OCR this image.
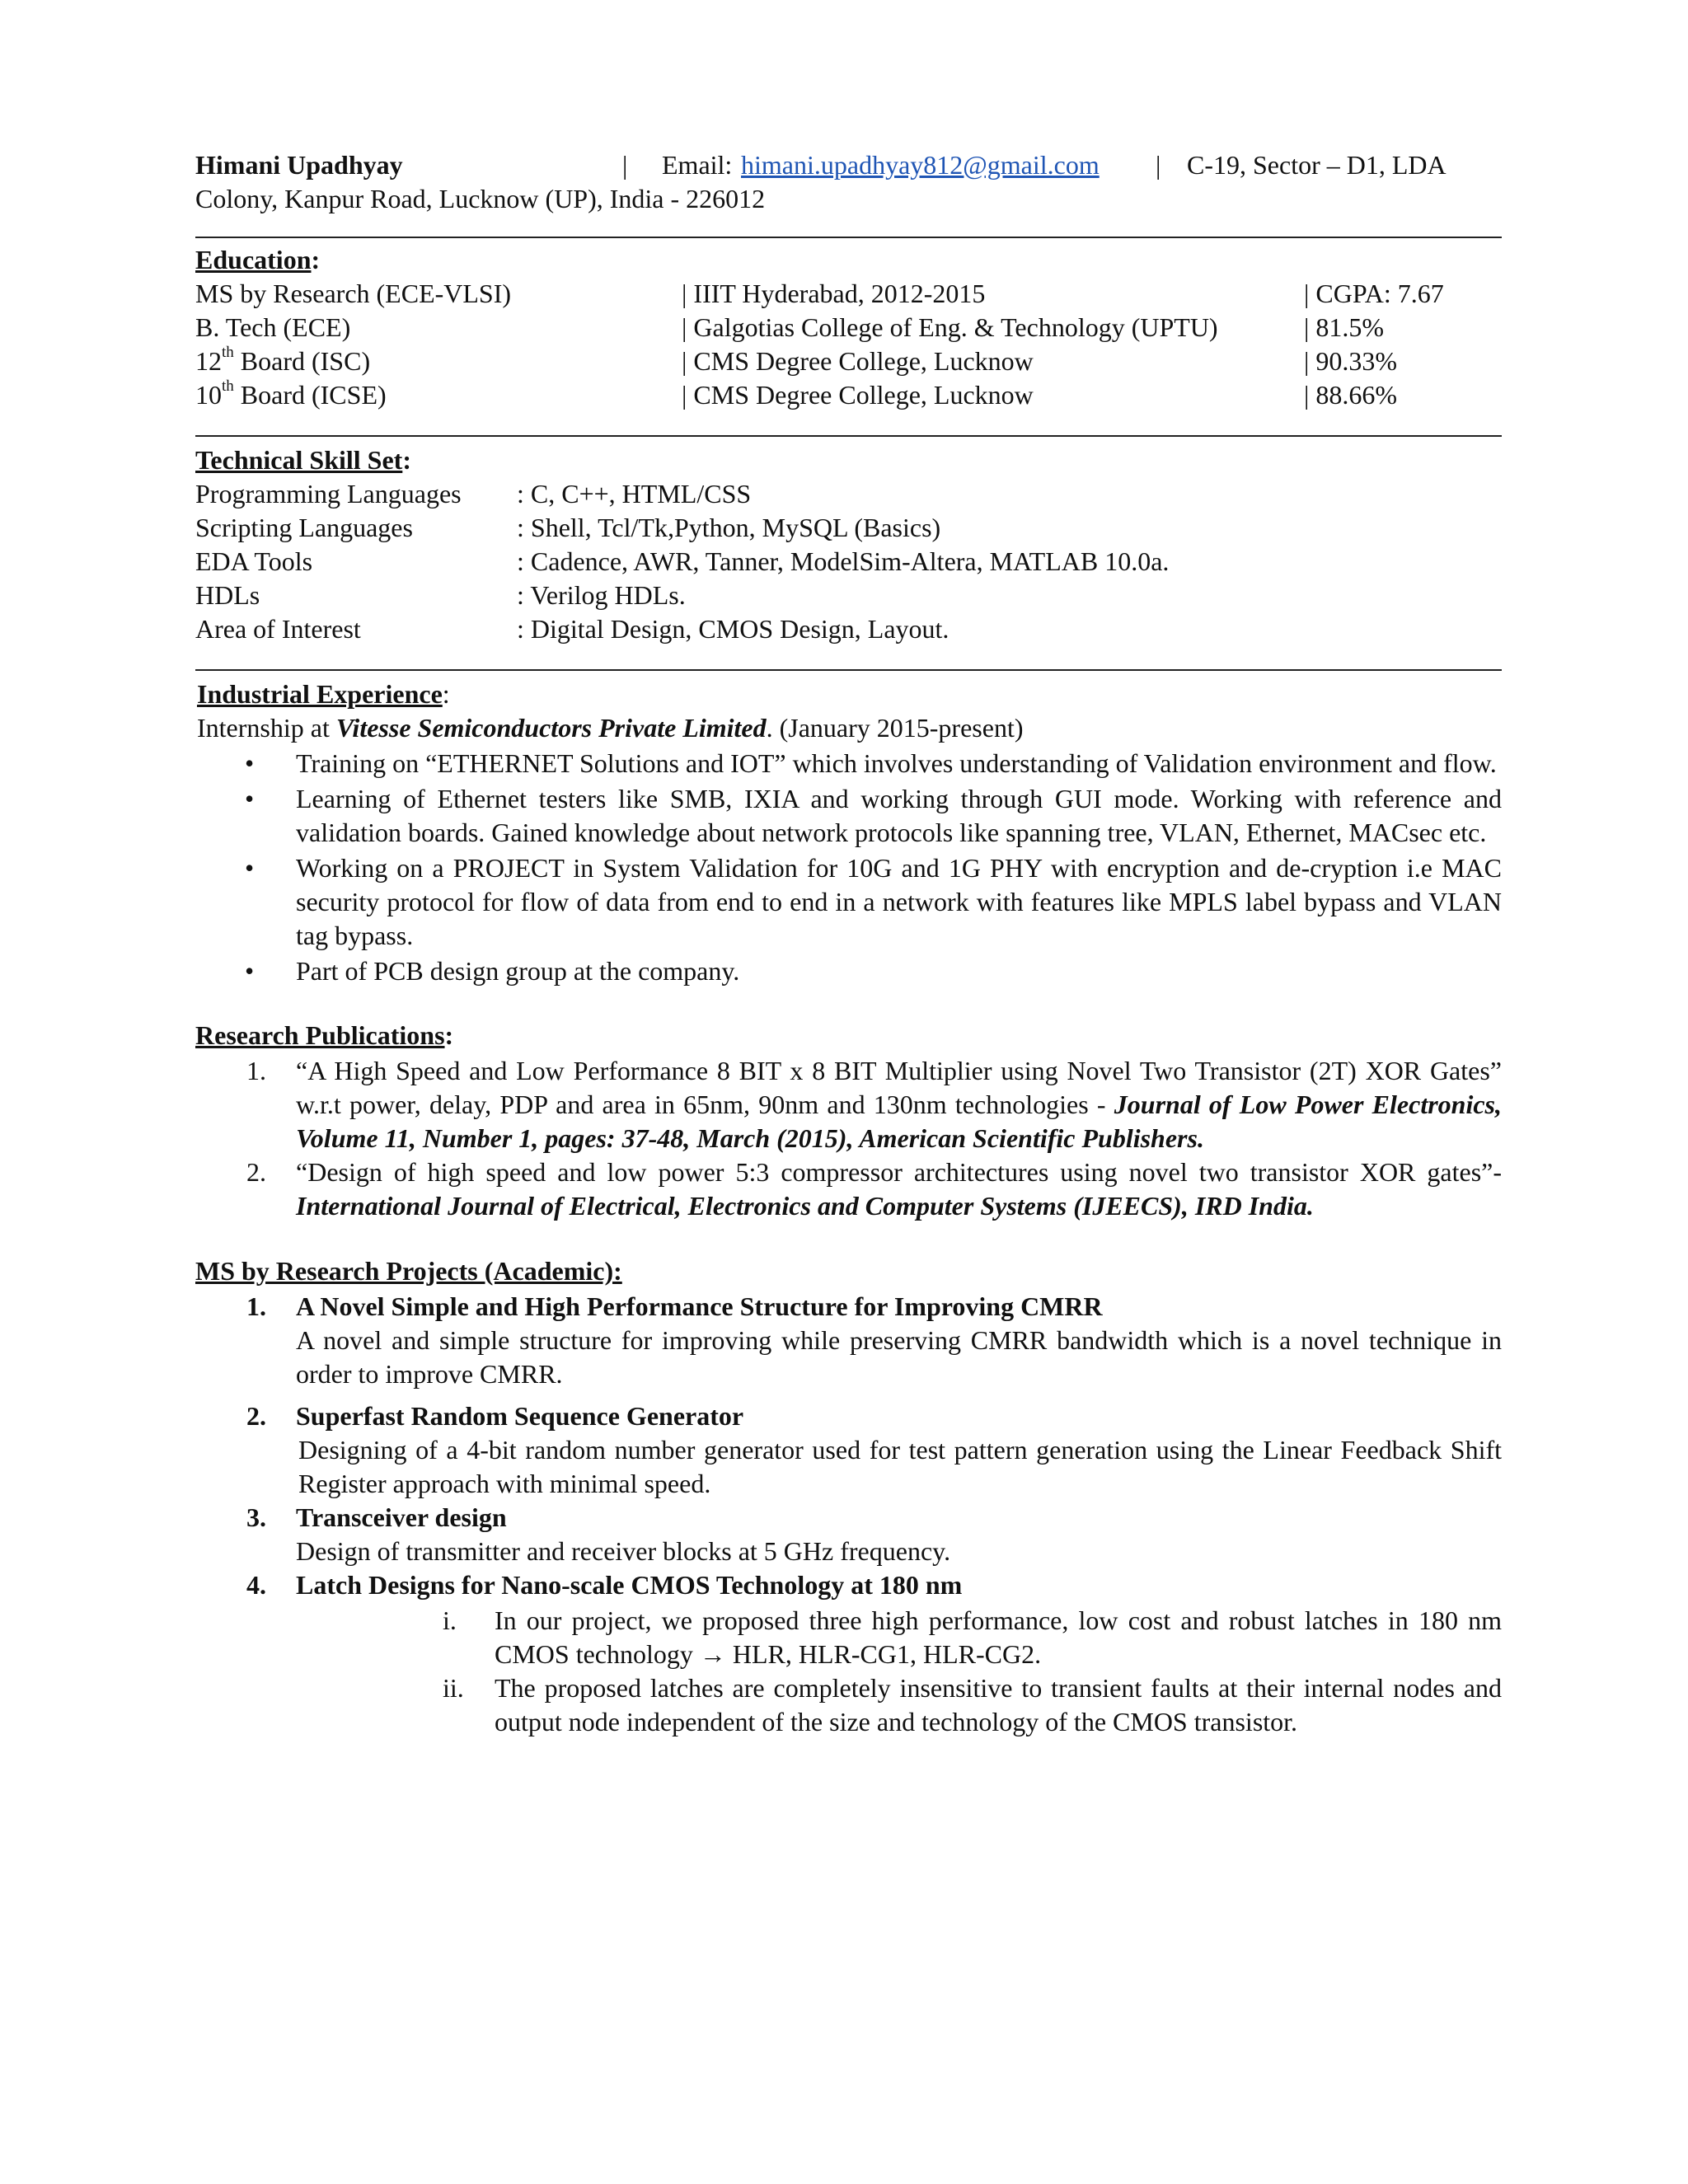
Himani Upadhyay	| Email: himani.upadhyay812@gmail.com | C-19, Sector – D1, LDA
Colony, Kanpur Road, Lucknow (UP), India - 226012
Education:
MS by Research (ECE-VLSI)	| IIIT Hyderabad, 2012-2015	| CGPA: 7.67
B. Tech (ECE)	| Galgotias College of Eng. & Technology (UPTU)	| 81.5%
12th Board (ISC)	| CMS Degree College, Lucknow	| 90.33%
10th Board (ICSE)	| CMS Degree College, Lucknow	| 88.66%
Technical Skill Set:
Programming Languages : C, C++, HTML/CSS
Scripting Languages	: Shell, Tcl/Tk,Python, MySQL (Basics)
EDA Tools	: Cadence, AWR, Tanner, ModelSim-Altera, MATLAB 10.0a.
HDLs	: Verilog HDLs.
Area of Interest	: Digital Design, CMOS Design, Layout.
Industrial Experience:
Internship at Vitesse Semiconductors Private Limited. (January 2015-present)
• Training on “ETHERNET Solutions and IOT” which involves understanding of Validation environment and flow.
• Learning of Ethernet testers like SMB, IXIA and working through GUI mode. Working with reference and validation boards. Gained knowledge about network protocols like spanning tree, VLAN, Ethernet, MACsec etc.
• Working on a PROJECT in System Validation for 10G and 1G PHY with encryption and de-cryption i.e MAC security protocol for flow of data from end to end in a network with features like MPLS label bypass and VLAN tag bypass.
• Part of PCB design group at the company.
Research Publications:
1. “A High Speed and Low Performance 8 BIT x 8 BIT Multiplier using Novel Two Transistor (2T) XOR Gates” w.r.t power, delay, PDP and area in 65nm, 90nm and 130nm technologies - Journal of Low Power Electronics, Volume 11, Number 1, pages: 37-48, March (2015), American Scientific Publishers.
2. “Design of high speed and low power 5:3 compressor architectures using novel two transistor XOR gates”- International Journal of Electrical, Electronics and Computer Systems (IJEECS), IRD India.
MS by Research Projects (Academic):
1. A Novel Simple and High Performance Structure for Improving CMRR
A novel and simple structure for improving while preserving CMRR bandwidth which is a novel technique in order to improve CMRR.
2. Superfast Random Sequence Generator
Designing of a 4-bit random number generator used for test pattern generation using the Linear Feedback Shift Register approach with minimal speed.
3. Transceiver design
Design of transmitter and receiver blocks at 5 GHz frequency.
4. Latch Designs for Nano-scale CMOS Technology at 180 nm
i.	In our project, we proposed three high performance, low cost and robust latches in 180 nm CMOS technology → HLR, HLR-CG1, HLR-CG2.
ii.	The proposed latches are completely insensitive to transient faults at their internal nodes and output node independent of the size and technology of the CMOS transistor.
